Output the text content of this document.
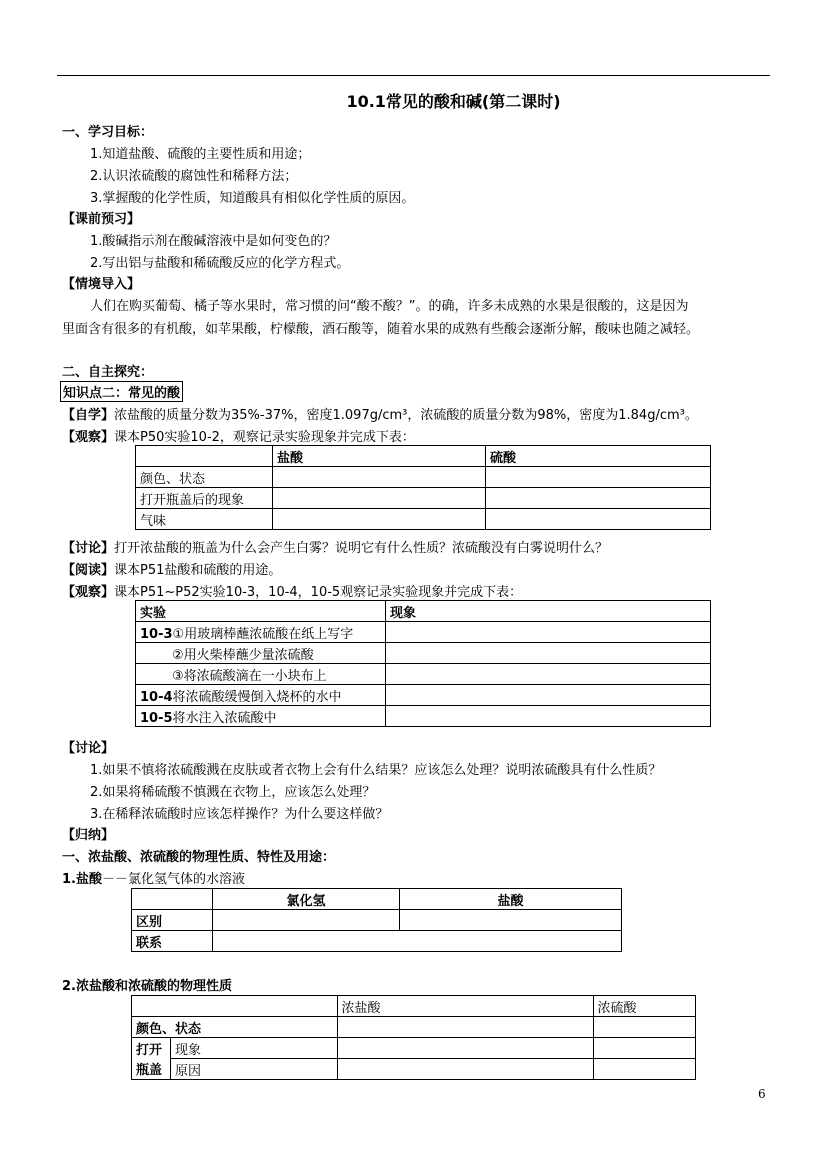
10.1常见的酸和碱(第二课时)
一、学习目标：
1.知道盐酸、硫酸的主要性质和用途；
2.认识浓硫酸的腐蚀性和稀释方法；
3.掌握酸的化学性质，知道酸具有相似化学性质的原因。
【课前预习】
1.酸碱指示剂在酸碱溶液中是如何变色的？
2.写出铝与盐酸和稀硫酸反应的化学方程式。
【情境导入】
人们在购买葡萄、橘子等水果时，常习惯的问“酸不酸？”。的确，许多未成熟的水果是很酸的，这是因为
里面含有很多的有机酸，如苹果酸，柠檬酸，酒石酸等，随着水果的成熟有些酸会逐渐分解，酸味也随之减轻。
二、自主探究：
知识点二：常见的酸
【自学】浓盐酸的质量分数为35%-37%，密度1.097g/cm³，浓硫酸的质量分数为98%，密度为1.84g/cm³。
【观察】课本P50实验10-2，观察记录实验现象并完成下表：
	盐酸	硫酸
颜色、状态		
打开瓶盖后的现象		
气味		
【讨论】打开浓盐酸的瓶盖为什么会产生白雾？说明它有什么性质？浓硫酸没有白雾说明什么？
【阅读】课本P51盐酸和硫酸的用途。
【观察】课本P51~P52实验10-3，10-4，10-5观察记录实验现象并完成下表：
实验	现象
10-3①用玻璃棒蘸浓硫酸在纸上写字	
②用火柴棒蘸少量浓硫酸	
③将浓硫酸滴在一小块布上	
10-4将浓硫酸缓慢倒入烧杯的水中	
10-5将水注入浓硫酸中	
【讨论】
1.如果不慎将浓硫酸溅在皮肤或者衣物上会有什么结果？应该怎么处理？说明浓硫酸具有什么性质？
2.如果将稀硫酸不慎溅在衣物上，应该怎么处理？
3.在稀释浓硫酸时应该怎样操作？为什么要这样做？
【归纳】
一、浓盐酸、浓硫酸的物理性质、特性及用途：
1.盐酸－－氯化氢气体的水溶液
	氯化氢	盐酸
区别		
联系		
2.浓盐酸和浓硫酸的物理性质
		浓盐酸	浓硫酸
颜色、状态			
打开	现象		
瓶盖	原因		
6
